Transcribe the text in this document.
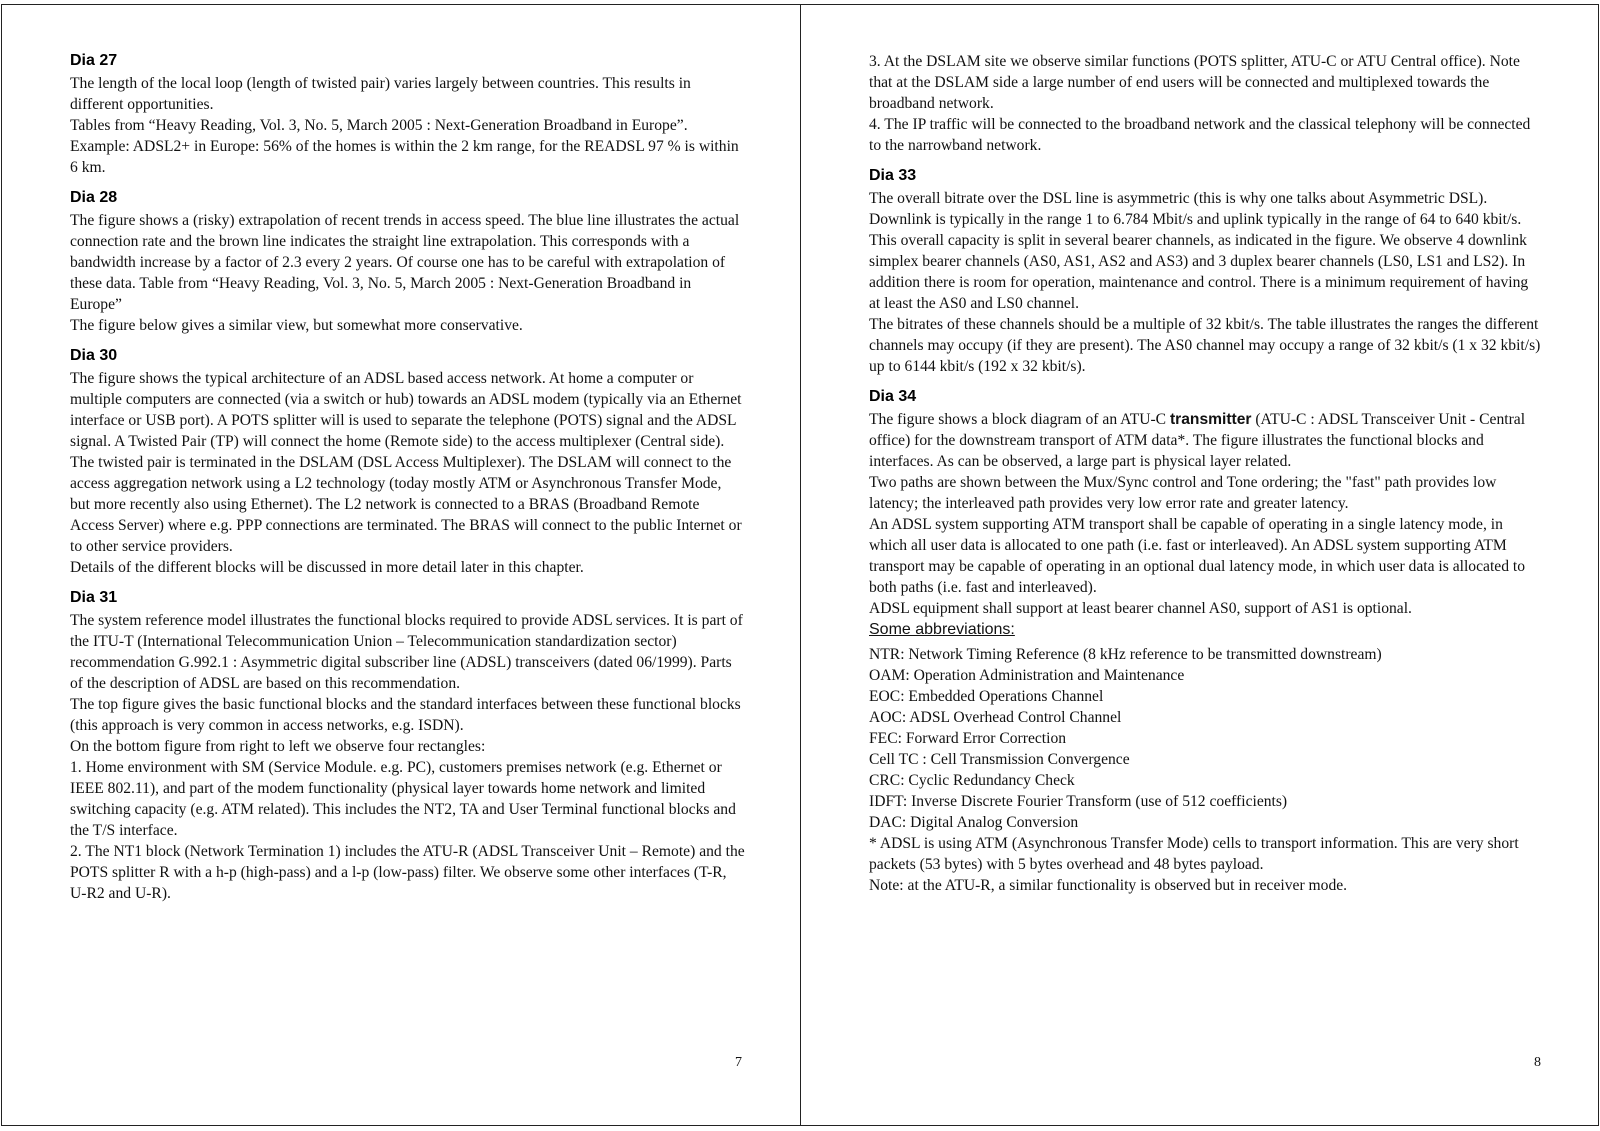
Dia 27

The length of the local loop (length of twisted pair) varies largely between countries. This results in different opportunities.

Tables from “Heavy Reading, Vol. 3, No. 5, March 2005 : Next-Generation Broadband in Europe”.

Example: ADSL2+ in Europe: 56% of the homes is within the 2 km range, for the READSL 97 % is within 6 km.

Dia 28

The figure shows a (risky) extrapolation of recent trends in access speed. The blue line illustrates the actual connection rate and the brown line indicates the straight line extrapolation. This corresponds with a bandwidth increase by a factor of 2.3 every 2 years. Of course one has to be careful with extrapolation of these data. Table from “Heavy Reading, Vol. 3, No. 5, March 2005 : Next-Generation Broadband in Europe”

The figure below gives a similar view, but somewhat more conservative.

Dia 30

The figure shows the typical architecture of an ADSL based access network. At home a computer or multiple computers are connected (via a switch or hub) towards an ADSL modem (typically via an Ethernet interface or USB port). A POTS splitter will is used to separate the telephone (POTS) signal and the ADSL signal. A Twisted Pair (TP) will connect the home (Remote side) to the access multiplexer (Central side). The twisted pair is terminated in the DSLAM (DSL Access Multiplexer). The DSLAM will connect to the access aggregation network using a L2 technology (today mostly ATM or Asynchronous Transfer Mode, but more recently also using Ethernet). The L2 network is connected to a BRAS (Broadband Remote Access Server) where e.g. PPP connections are terminated. The BRAS will connect to the public Internet or to other service providers.

Details of the different blocks will be discussed in more detail later in this chapter.

Dia 31

The system reference model illustrates the functional blocks required to provide ADSL services. It is part of the ITU-T (International Telecommunication Union – Telecommunication standardization sector) recommendation G.992.1 : Asymmetric digital subscriber line (ADSL) transceivers (dated 06/1999). Parts of the description of ADSL are based on this recommendation.

The top figure gives the basic functional blocks and the standard interfaces between these functional blocks (this approach is very common in access networks, e.g. ISDN).

On the bottom figure from right to left we observe four rectangles:

1. Home environment with SM (Service Module. e.g. PC), customers premises network (e.g. Ethernet or IEEE 802.11), and part of the modem functionality (physical layer towards home network and limited switching capacity (e.g. ATM related). This includes the NT2, TA and User Terminal functional blocks and the T/S interface.

2. The NT1 block (Network Termination 1) includes the ATU-R (ADSL Transceiver Unit – Remote) and the POTS splitter R with a h-p (high-pass) and a l-p (low-pass) filter. We observe some other interfaces (T-R, U-R2 and U-R).

7

3. At the DSLAM site we observe similar functions (POTS splitter, ATU-C or ATU Central office). Note that at the DSLAM side a large number of end users will be connected and multiplexed towards the broadband network.

4. The IP traffic will be connected to the broadband network and the classical telephony will be connected to the narrowband network.

Dia 33

The overall bitrate over the DSL line is asymmetric (this is why one talks about Asymmetric DSL). Downlink is typically in the range 1 to 6.784 Mbit/s and uplink typically in the range of 64 to 640 kbit/s. This overall capacity is split in several bearer channels, as indicated in the figure. We observe 4 downlink simplex bearer channels (AS0, AS1, AS2 and AS3) and 3 duplex bearer channels (LS0, LS1 and LS2). In addition there is room for operation, maintenance and control. There is a minimum requirement of having at least the AS0 and LS0 channel.

The bitrates of these channels should be a multiple of 32 kbit/s. The table illustrates the ranges the different channels may occupy (if they are present). The AS0 channel may occupy a range of 32 kbit/s (1 x 32 kbit/s) up to 6144 kbit/s (192 x 32 kbit/s).

Dia 34

The figure shows a block diagram of an ATU-C transmitter (ATU-C : ADSL Transceiver Unit - Central office) for the downstream transport of ATM data*. The figure illustrates the functional blocks and interfaces. As can be observed, a large part is physical layer related.

Two paths are shown between the Mux/Sync control and Tone ordering; the "fast" path provides low latency; the interleaved path provides very low error rate and greater latency.

An ADSL system supporting ATM transport shall be capable of operating in a single latency mode, in which all user data is allocated to one path (i.e. fast or interleaved). An ADSL system supporting ATM transport may be capable of operating in an optional dual latency mode, in which user data is allocated to both paths (i.e. fast and interleaved).

ADSL equipment shall support at least bearer channel AS0, support of AS1 is optional.

Some abbreviations:

NTR: Network Timing Reference (8 kHz reference to be transmitted downstream)

OAM: Operation Administration and Maintenance

EOC: Embedded Operations Channel

AOC: ADSL Overhead Control Channel

FEC: Forward Error Correction

Cell TC : Cell Transmission Convergence

CRC: Cyclic Redundancy Check

IDFT: Inverse Discrete Fourier Transform (use of 512 coefficients)

DAC: Digital Analog Conversion

* ADSL is using ATM (Asynchronous Transfer Mode) cells to transport information. This are very short packets (53 bytes) with 5 bytes overhead and 48 bytes payload.

Note: at the ATU-R, a similar functionality is observed but in receiver mode.

8
